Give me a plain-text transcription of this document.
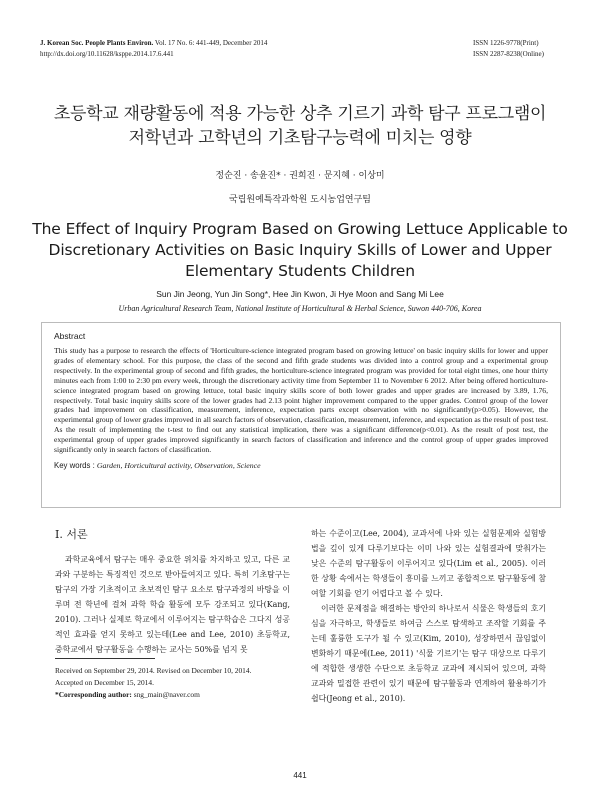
J. Korean Soc. People Plants Environ. Vol. 17 No. 6: 441-449, December 2014
http://dx.doi.org/10.11628/ksppe.2014.17.6.441
ISSN 1226-9778(Print)
ISSN 2287-8238(Online)
초등학교 재량활동에 적용 가능한 상추 기르기 과학 탐구 프로그램이
저학년과 고학년의 기초탐구능력에 미치는 영향
정순진 · 송윤진* · 권희진 · 문지혜 · 이상미
국립원예특작과학원 도시농업연구팀
The Effect of Inquiry Program Based on Growing Lettuce Applicable to
Discretionary Activities on Basic Inquiry Skills of Lower and Upper
Elementary Students Children
Sun Jin Jeong, Yun Jin Song*, Hee Jin Kwon, Ji Hye Moon and Sang Mi Lee
Urban Agricultural Research Team, National Institute of Horticultural & Herbal Science, Suwon 440-706, Korea
Abstract
This study has a purpose to research the effects of 'Horticulture-science integrated program based on growing lettuce' on basic inquiry skills for lower and upper grades of elementary school. For this purpose, the class of the second and fifth grade students was divided into a control group and a experimental group respectively. In the experimental group of second and fifth grades, the horticulture-science integrated program was provided for total eight times, one hour thirty minutes each from 1:00 to 2:30 pm every week, through the discretionary activity time from September 11 to November 6 2012. After being offered horticulture-science integrated program based on growing lettuce, total basic inquiry skills score of both lower grades and upper grades are increased by 3.89, 1.76, respectively. Total basic inquiry skills score of the lower grades had 2.13 point higher improvement compared to the upper grades. Control group of the lower grades had improvement on classification, measurement, inference, expectation parts except observation with no significantly(p>0.05). However, the experimental group of lower grades improved in all search factors of observation, classification, measurement, inference, and expectation as the result of post test. As the result of implementing the t-test to find out any statistical implication, there was a significant difference(p<0.01). As the result of post test, the experimental group of upper grades improved significantly in search factors of classification and inference and the control group of upper grades improved significantly only in search factors of classification.
Key words : Garden, Horticultural activity, Observation, Science
Ⅰ. 서론

과학교육에서 탐구는 매우 중요한 위치를 차지하고 있고, 다른 교과와 구분하는 특징적인 것으로 받아들여지고 있다. 특히 기초탐구는 탐구의 가장 기초적이고 초보적인 탐구 요소로 탐구과정의 바탕을 이루며 전 학년에 걸쳐 과학 학습 활동에 모두 강조되고 있다(Kang, 2010). 그러나 실제로 학교에서 이루어지는 탐구학습은 그다지 성공적인 효과를 얻지 못하고 있는데(Lee and Lee, 2010) 초등학교, 중학교에서 탐구활동을 수행하는 교사는 50%를 넘지 못

하는 수준이고(Lee, 2004), 교과서에 나와 있는 실험문제와 실험방법을 깊이 있게 다루기보다는 이미 나와 있는 실험결과에 맞춰가는 낮은 수준의 탐구활동이 이루어지고 있다(Lim et al., 2005). 이러한 상황 속에서는 학생들이 흥미를 느끼고 종합적으로 탐구활동에 참여할 기회를 얻기 어렵다고 볼 수 있다.

이러한 문제점을 해결하는 방안의 하나로서 식물은 학생들의 호기심을 자극하고, 학생들로 하여금 스스로 탐색하고 조작할 기회를 주는데 훌륭한 도구가 될 수 있고(Kim, 2010), 성장하면서 끊임없이 변화하기 때문에(Lee, 2011) '식물 기르기'는 탐구 대상으로 다루기에 적합한 생생한 수단으로 초등학교 교과에 제시되어 있으며, 과학 교과와 밀접한 관련이 있기 때문에 탐구활동과 연계하여 활용하기가 쉽다(Jeong et al., 2010).

Received on September 29, 2014. Revised on December 10, 2014.
Accepted on December 15, 2014.
*Corresponding author: sng_main@naver.com
441
